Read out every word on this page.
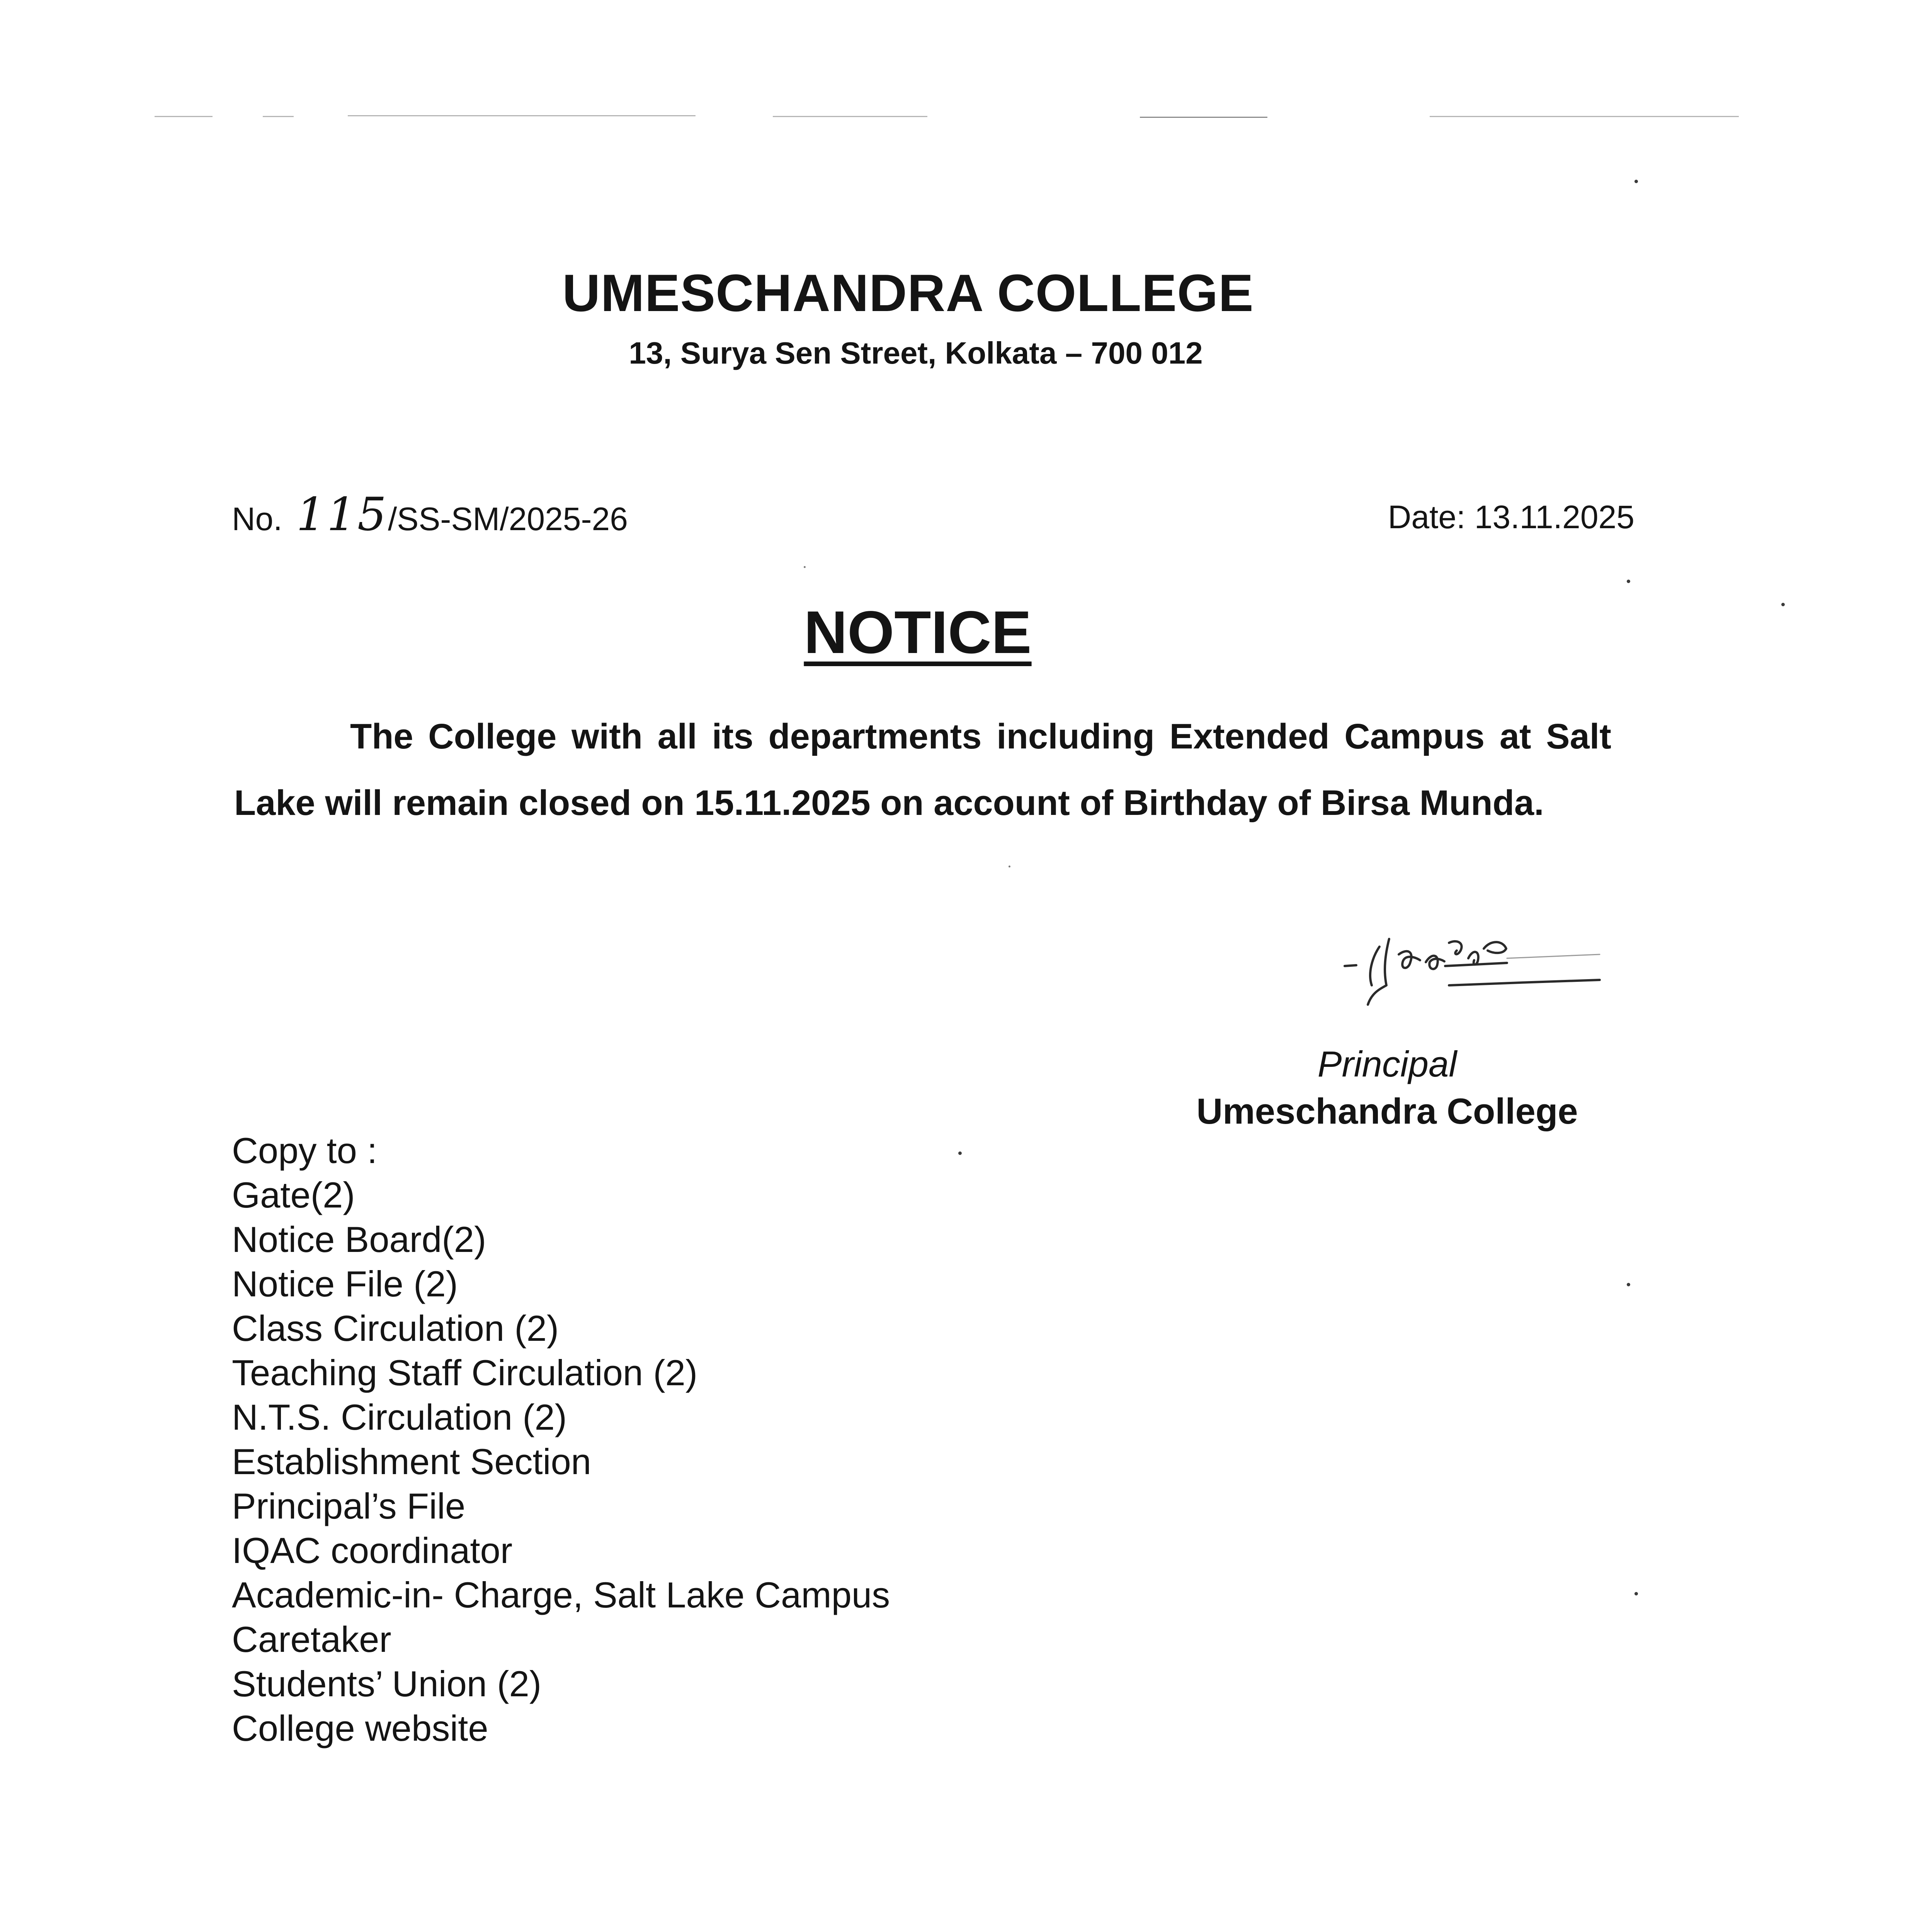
UMESCHANDRA COLLEGE
13, Surya Sen Street, Kolkata – 700 012
No. 115/SS-SM/2025-26	Date: 13.11.2025
NOTICE
The College with all its departments including Extended Campus at Salt Lake will remain closed on 15.11.2025 on account of Birthday of Birsa Munda.
Principal
Umeschandra College
Copy to :
Gate(2)
Notice Board(2)
Notice File (2)
Class Circulation (2)
Teaching Staff Circulation (2)
N.T.S. Circulation (2)
Establishment Section
Principal’s File
IQAC coordinator
Academic-in- Charge, Salt Lake Campus
Caretaker
Students’ Union (2)
College website
